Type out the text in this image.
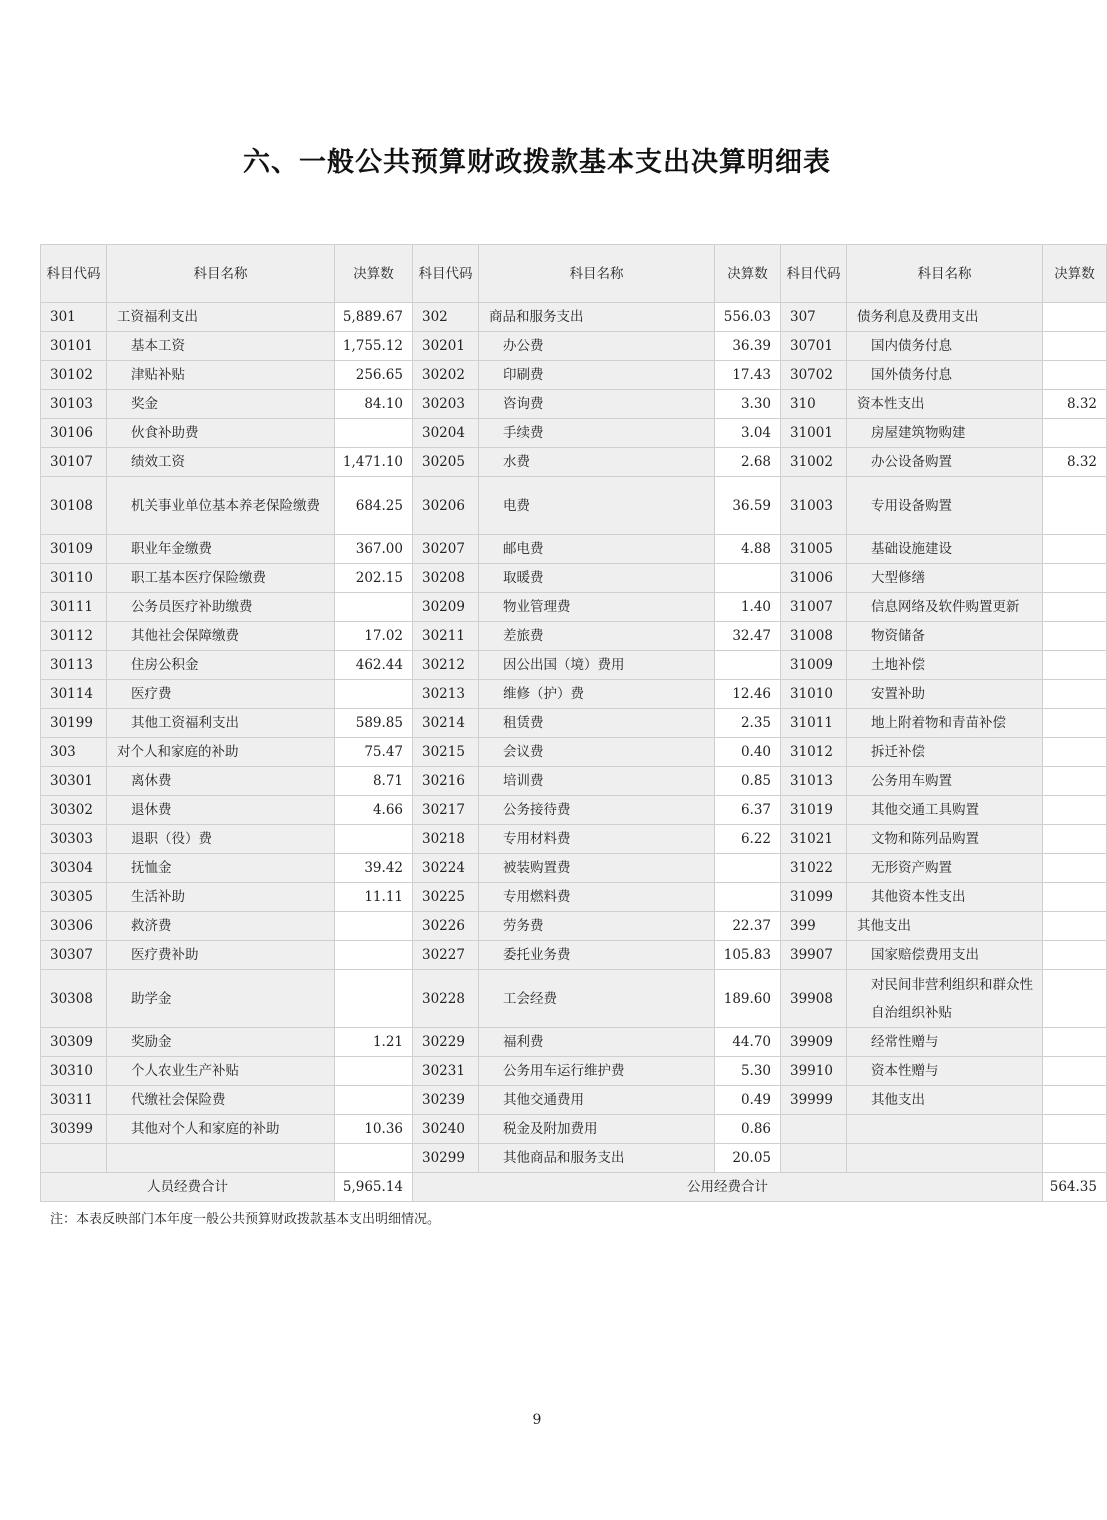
六、一般公共预算财政拨款基本支出决算明细表
科目代码	科目名称	决算数	科目代码	科目名称	决算数	科目代码	科目名称	决算数
301	工资福利支出	5,889.67	302	商品和服务支出	556.03	307	债务利息及费用支出	
30101	基本工资	1,755.12	30201	办公费	36.39	30701	国内债务付息	
30102	津贴补贴	256.65	30202	印刷费	17.43	30702	国外债务付息	
30103	奖金	84.10	30203	咨询费	3.30	310	资本性支出	8.32
30106	伙食补助费		30204	手续费	3.04	31001	房屋建筑物购建	
30107	绩效工资	1,471.10	30205	水费	2.68	31002	办公设备购置	8.32
30108	机关事业单位基本养老保险缴费	684.25	30206	电费	36.59	31003	专用设备购置	
30109	职业年金缴费	367.00	30207	邮电费	4.88	31005	基础设施建设	
30110	职工基本医疗保险缴费	202.15	30208	取暖费		31006	大型修缮	
30111	公务员医疗补助缴费		30209	物业管理费	1.40	31007	信息网络及软件购置更新	
30112	其他社会保障缴费	17.02	30211	差旅费	32.47	31008	物资储备	
30113	住房公积金	462.44	30212	因公出国（境）费用		31009	土地补偿	
30114	医疗费		30213	维修（护）费	12.46	31010	安置补助	
30199	其他工资福利支出	589.85	30214	租赁费	2.35	31011	地上附着物和青苗补偿	
303	对个人和家庭的补助	75.47	30215	会议费	0.40	31012	拆迁补偿	
30301	离休费	8.71	30216	培训费	0.85	31013	公务用车购置	
30302	退休费	4.66	30217	公务接待费	6.37	31019	其他交通工具购置	
30303	退职（役）费		30218	专用材料费	6.22	31021	文物和陈列品购置	
30304	抚恤金	39.42	30224	被装购置费		31022	无形资产购置	
30305	生活补助	11.11	30225	专用燃料费		31099	其他资本性支出	
30306	救济费		30226	劳务费	22.37	399	其他支出	
30307	医疗费补助		30227	委托业务费	105.83	39907	国家赔偿费用支出	
30308	助学金		30228	工会经费	189.60	39908	对民间非营利组织和群众性自治组织补贴	
30309	奖励金	1.21	30229	福利费	44.70	39909	经常性赠与	
30310	个人农业生产补贴		30231	公务用车运行维护费	5.30	39910	资本性赠与	
30311	代缴社会保险费		30239	其他交通费用	0.49	39999	其他支出	
30399	其他对个人和家庭的补助	10.36	30240	税金及附加费用	0.86			
			30299	其他商品和服务支出	20.05			
人员经费合计		5,965.14	公用经费合计					564.35
注：本表反映部门本年度一般公共预算财政拨款基本支出明细情况。
9
